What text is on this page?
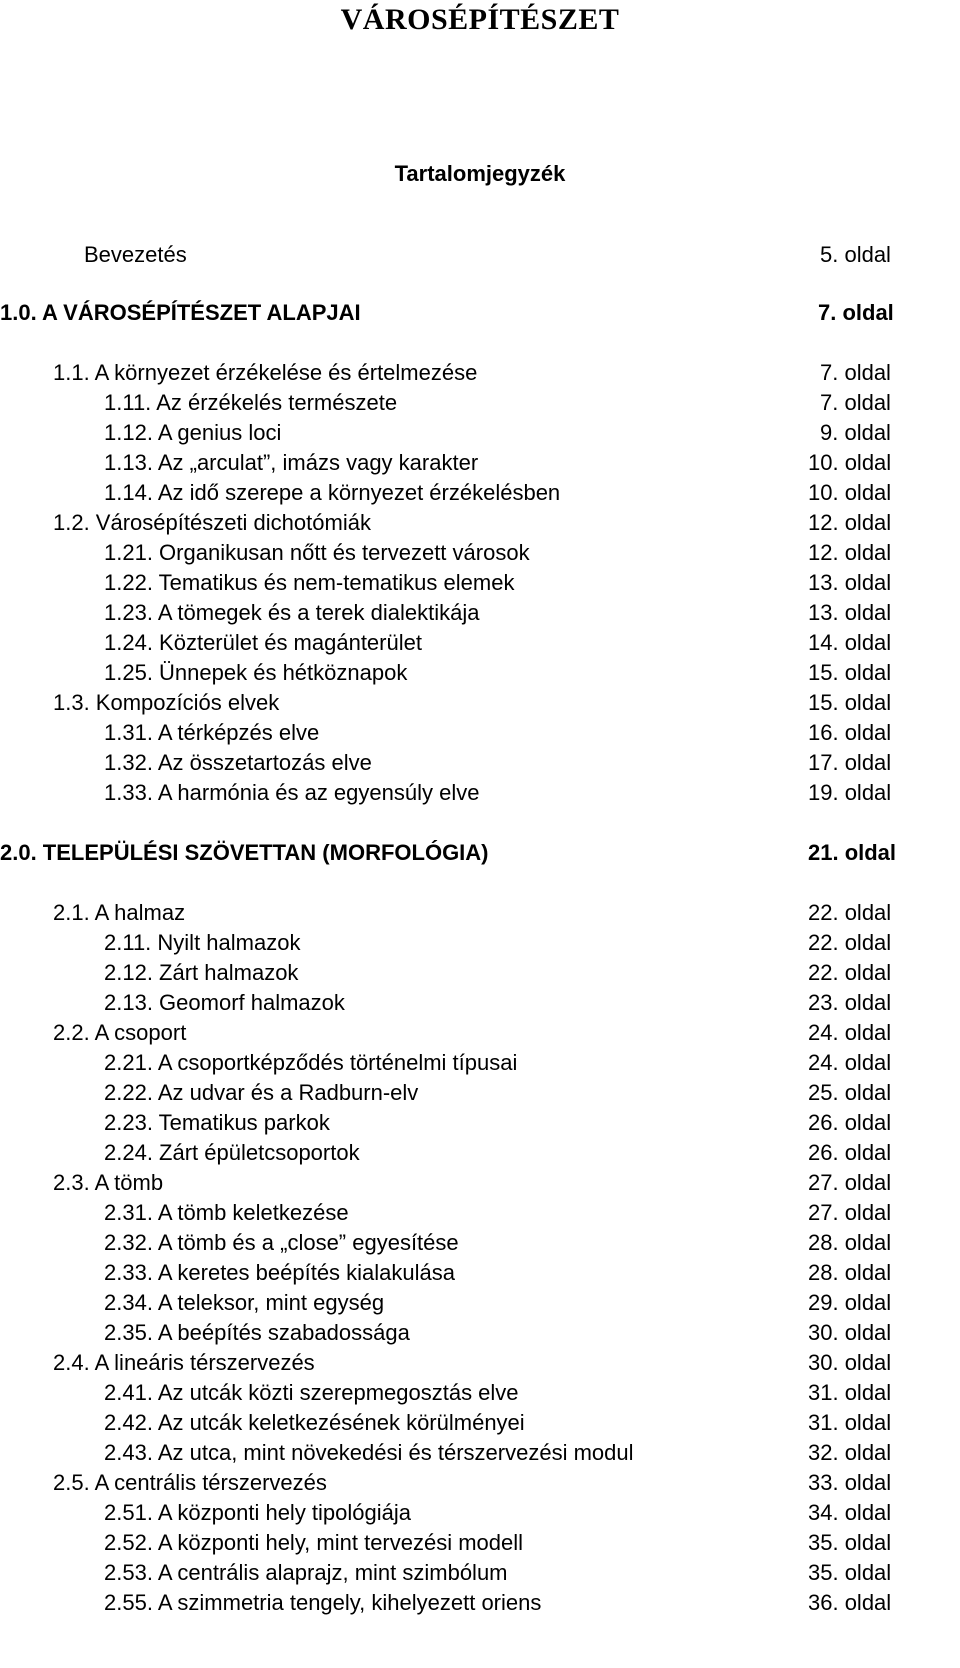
VÁROSÉPÍTÉSZET
Tartalomjegyzék
Bevezetés	5. oldal
1.0. A VÁROSÉPÍTÉSZET ALAPJAI	7. oldal
1.1. A környezet érzékelése és értelmezése	7. oldal
1.11. Az érzékelés természete	7. oldal
1.12. A genius loci	9. oldal
1.13. Az „arculat”, imázs vagy karakter	10. oldal
1.14. Az idő szerepe a környezet érzékelésben	10. oldal
1.2. Városépítészeti dichotómiák	12. oldal
1.21. Organikusan nőtt és tervezett városok	12. oldal
1.22. Tematikus és nem-tematikus elemek	13. oldal
1.23. A tömegek és a terek dialektikája	13. oldal
1.24. Közterület és magánterület	14. oldal
1.25. Ünnepek és hétköznapok	15. oldal
1.3. Kompozíciós elvek	15. oldal
1.31. A térképzés elve	16. oldal
1.32. Az összetartozás elve	17. oldal
1.33. A harmónia és az egyensúly elve	19. oldal
2.0. TELEPÜLÉSI SZÖVETTAN (MORFOLÓGIA)	21. oldal
2.1. A halmaz	22. oldal
2.11. Nyilt halmazok	22. oldal
2.12. Zárt halmazok	22. oldal
2.13. Geomorf halmazok	23. oldal
2.2. A csoport	24. oldal
2.21. A csoportképződés történelmi típusai	24. oldal
2.22. Az udvar és a Radburn-elv	25. oldal
2.23. Tematikus parkok	26. oldal
2.24. Zárt épületcsoportok	26. oldal
2.3. A tömb	27. oldal
2.31. A tömb keletkezése	27. oldal
2.32. A tömb és a „close” egyesítése	28. oldal
2.33. A keretes beépítés kialakulása	28. oldal
2.34. A teleksor, mint egység	29. oldal
2.35. A beépítés szabadossága	30. oldal
2.4. A lineáris térszervezés	30. oldal
2.41. Az utcák közti szerepmegosztás elve	31. oldal
2.42. Az utcák keletkezésének körülményei	31. oldal
2.43. Az utca, mint növekedési és térszervezési modul	32. oldal
2.5. A centrális térszervezés	33. oldal
2.51. A központi hely tipológiája	34. oldal
2.52. A központi hely, mint tervezési modell	35. oldal
2.53. A centrális alaprajz, mint szimbólum	35. oldal
2.55. A szimmetria tengely, kihelyezett oriens	36. oldal
